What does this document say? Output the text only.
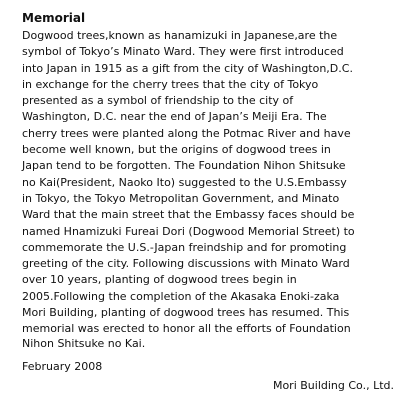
Memorial
Dogwood trees,known as hanamizuki in Japanese,are the
symbol of Tokyo’s Minato Ward. They were first introduced
into Japan in 1915 as a gift from the city of Washington,D.C.
in exchange for the cherry trees that the city of Tokyo
presented as a symbol of friendship to the city of
Washington, D.C. near the end of Japan’s Meiji Era. The
cherry trees were planted along the Potmac River and have
become well known, but the origins of dogwood trees in
Japan tend to be forgotten. The Foundation Nihon Shitsuke
no Kai(President, Naoko Ito) suggested to the U.S.Embassy
in Tokyo, the Tokyo Metropolitan Government, and Minato
Ward that the main street that the Embassy faces should be
named Hnamizuki Fureai Dori (Dogwood Memorial Street) to
commemorate the U.S.-Japan freindship and for promoting
greeting of the city. Following discussions with Minato Ward
over 10 years, planting of dogwood trees begin in
2005.Following the completion of the Akasaka Enoki-zaka
Mori Building, planting of dogwood trees has resumed. This
memorial was erected to honor all the efforts of Foundation
Nihon Shitsuke no Kai.
February 2008
Mori Building Co., Ltd.
